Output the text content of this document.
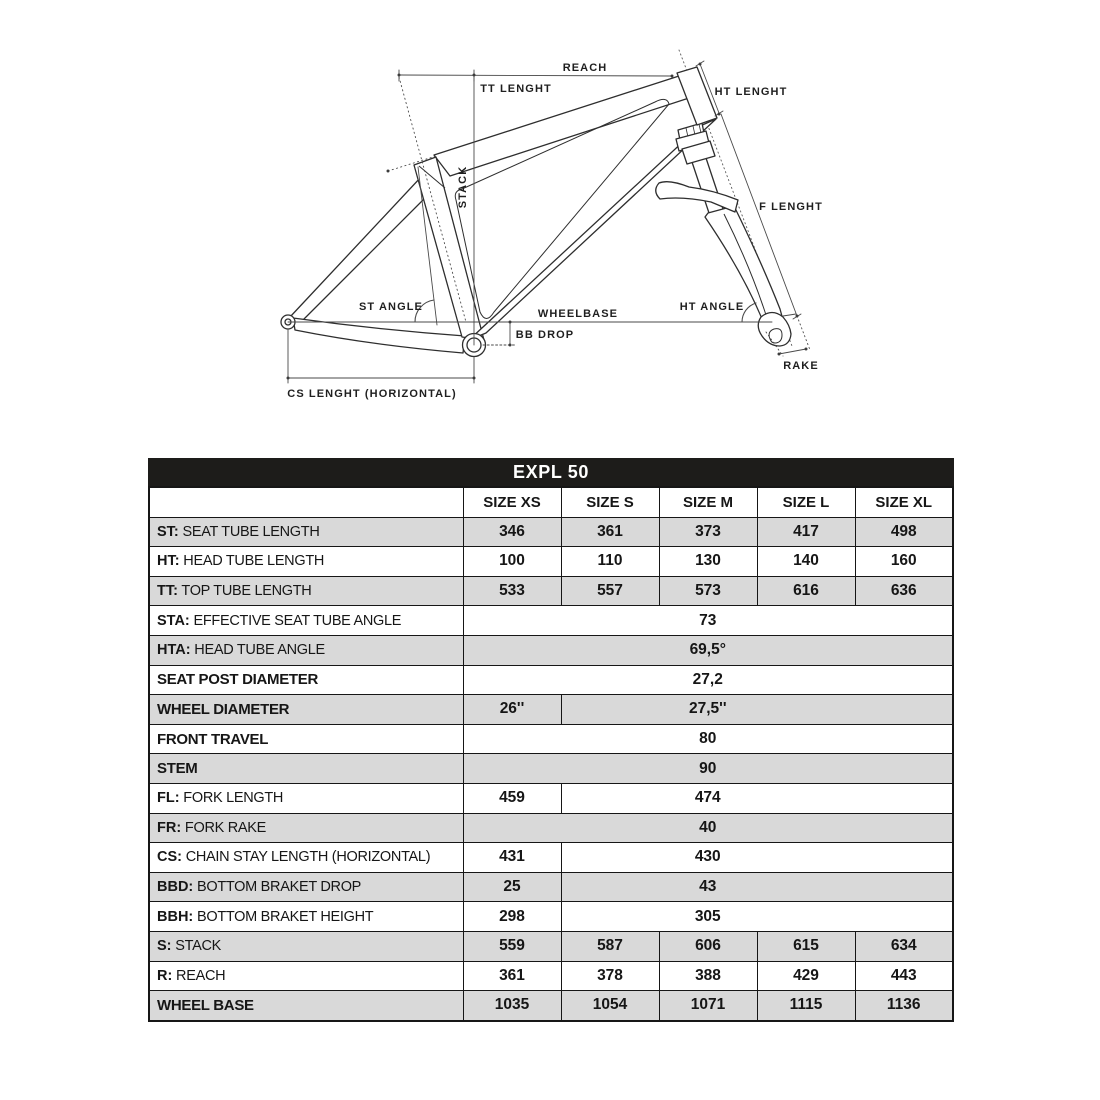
REACH
TT LENGHT	HT LENGHT
STACK	F LENGHT
ST ANGLE
WHEELBASE
BB DROP
HT ANGLE
RAKE
CS LENGHT (HORIZONTAL)
EXPL 50
	SIZE XS	SIZE S	SIZE M	SIZE L	SIZE XL
ST: SEAT TUBE LENGTH	346	361	373	417	498
HT: HEAD TUBE LENGTH	100	110	130	140	160
TT: TOP TUBE LENGTH	533	557	573	616	636
STA: EFFECTIVE SEAT TUBE ANGLE	73				
HTA: HEAD TUBE ANGLE	69,5°				
SEAT POST DIAMETER	27,2				
WHEEL DIAMETER	26''	27,5''			
FRONT TRAVEL	80				
STEM	90				
FL: FORK LENGTH	459	474			
FR: FORK RAKE	40				
CS: CHAIN STAY LENGTH (HORIZONTAL)	431	430			
BBD: BOTTOM BRAKET DROP	25	43			
BBH: BOTTOM BRAKET HEIGHT	298	305			
S: STACK	559	587	606	615	634
R: REACH	361	378	388	429	443
WHEEL BASE	1035	1054	1071	1115	1136
